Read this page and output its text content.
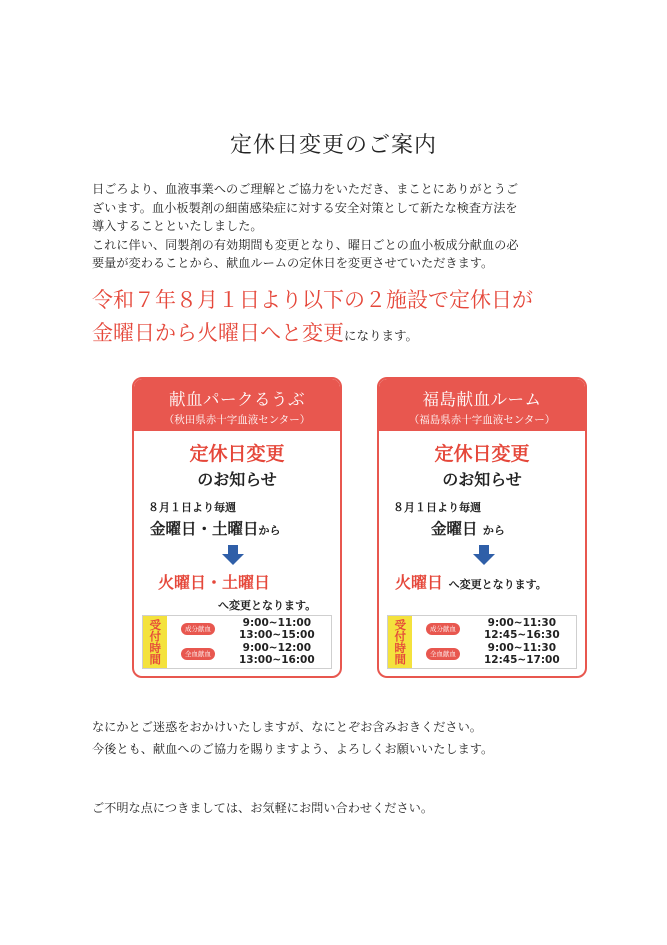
定休日変更のご案内

日ごろより、血液事業へのご理解とご協力をいただき、まことにありがとうご

ざいます。血小板製剤の細菌感染症に対する安全対策として新たな検査方法を

導入することといたしました。

これに伴い、同製剤の有効期間も変更となり、曜日ごとの血小板成分献血の必

要量が変わることから、献血ルームの定休日を変更させていただきます。

令和７年８月１日より以下の２施設で定休日が
金曜日から火曜日へと変更になります。
献血パークるうぶ
（秋田県赤十字血液センター）
定休日変更
のお知らせ
８月１日より毎週
金曜日・土曜日から
火曜日・土曜日
へ変更となります。
受付時間	成分献血	9:00~11:00
13:00~15:00
全血献血	9:00~12:00
13:00~16:00
福島献血ルーム
（福島県赤十字血液センター）
定休日変更
のお知らせ
８月１日より毎週
金曜日 から
火曜日 へ変更となります。
受付時間	成分献血	9:00~11:30
12:45~16:30
全血献血	9:00~11:30
12:45~17:00

なにかとご迷惑をおかけいたしますが、なにとぞお含みおきください。

今後とも、献血へのご協力を賜りますよう、よろしくお願いいたします。

ご不明な点につきましては、お気軽にお問い合わせください。
